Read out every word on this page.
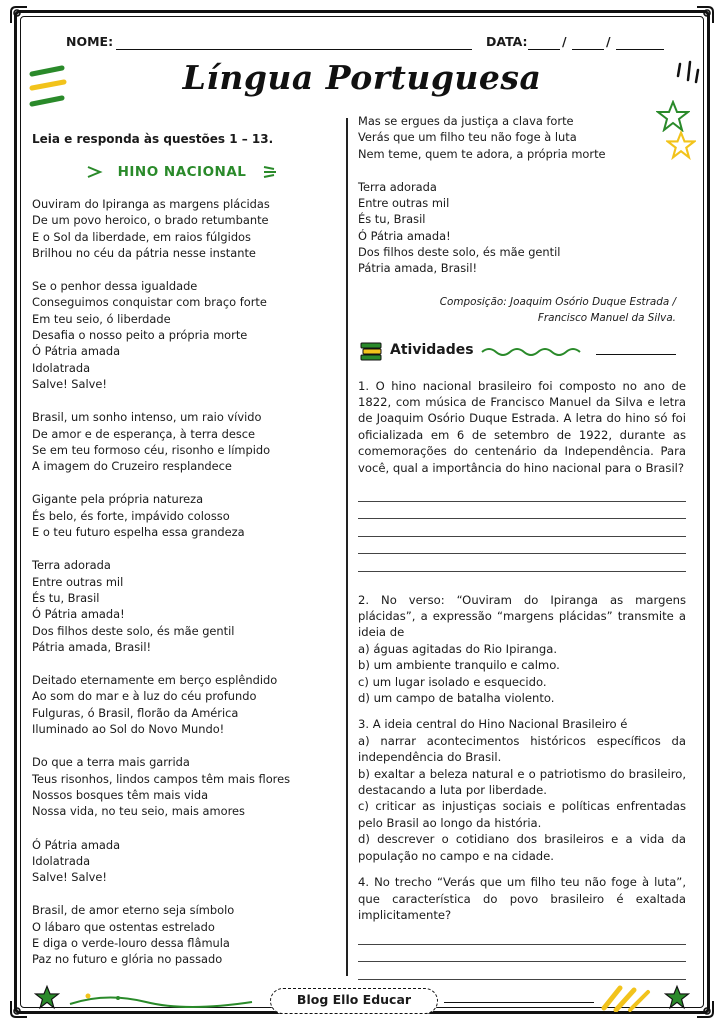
NOME:	DATA:	/	/
Língua Portuguesa
Leia e responda às questões 1 – 13.
HINO NACIONAL
Ouviram do Ipiranga as margens plácidas
De um povo heroico, o brado retumbante
E o Sol da liberdade, em raios fúlgidos
Brilhou no céu da pátria nesse instante
Se o penhor dessa igualdade
Conseguimos conquistar com braço forte
Em teu seio, ó liberdade
Desafia o nosso peito a própria morte
Ó Pátria amada
Idolatrada
Salve! Salve!
Brasil, um sonho intenso, um raio vívido
De amor e de esperança, à terra desce
Se em teu formoso céu, risonho e límpido
A imagem do Cruzeiro resplandece
Gigante pela própria natureza
És belo, és forte, impávido colosso
E o teu futuro espelha essa grandeza
Terra adorada
Entre outras mil
És tu, Brasil
Ó Pátria amada!
Dos filhos deste solo, és mãe gentil
Pátria amada, Brasil!
Deitado eternamente em berço esplêndido
Ao som do mar e à luz do céu profundo
Fulguras, ó Brasil, florão da América
Iluminado ao Sol do Novo Mundo!
Do que a terra mais garrida
Teus risonhos, lindos campos têm mais flores
Nossos bosques têm mais vida
Nossa vida, no teu seio, mais amores
Ó Pátria amada
Idolatrada
Salve! Salve!
Brasil, de amor eterno seja símbolo
O lábaro que ostentas estrelado
E diga o verde-louro dessa flâmula
Paz no futuro e glória no passado
Mas se ergues da justiça a clava forte
Verás que um filho teu não foge à luta
Nem teme, quem te adora, a própria morte
Terra adorada
Entre outras mil
És tu, Brasil
Ó Pátria amada!
Dos filhos deste solo, és mãe gentil
Pátria amada, Brasil!
Composição: Joaquim Osório Duque Estrada /
Francisco Manuel da Silva.
Atividades

1. O hino nacional brasileiro foi composto no ano de 1822, com música de Francisco Manuel da Silva e letra de Joaquim Osório Duque Estrada. A letra do hino só foi oficializada em 6 de setembro de 1922, durante as comemorações do centenário da Independência. Para você, qual a importância do hino nacional para o Brasil?

2. No verso: “Ouviram do Ipiranga as margens plácidas”, a expressão “margens plácidas” transmite a ideia de

a) águas agitadas do Rio Ipiranga.
b) um ambiente tranquilo e calmo.
c) um lugar isolado e esquecido.
d) um campo de batalha violento.

3. A ideia central do Hino Nacional Brasileiro é

a) narrar acontecimentos históricos específicos da independência do Brasil.

b) exaltar a beleza natural e o patriotismo do brasileiro, destacando a luta por liberdade.

c) criticar as injustiças sociais e políticas enfrentadas pelo Brasil ao longo da história.

d) descrever o cotidiano dos brasileiros e a vida da população no campo e na cidade.

4. No trecho “Verás que um filho teu não foge à luta”, que característica do povo brasileiro é exaltada implicitamente?

Blog Ello Educar
